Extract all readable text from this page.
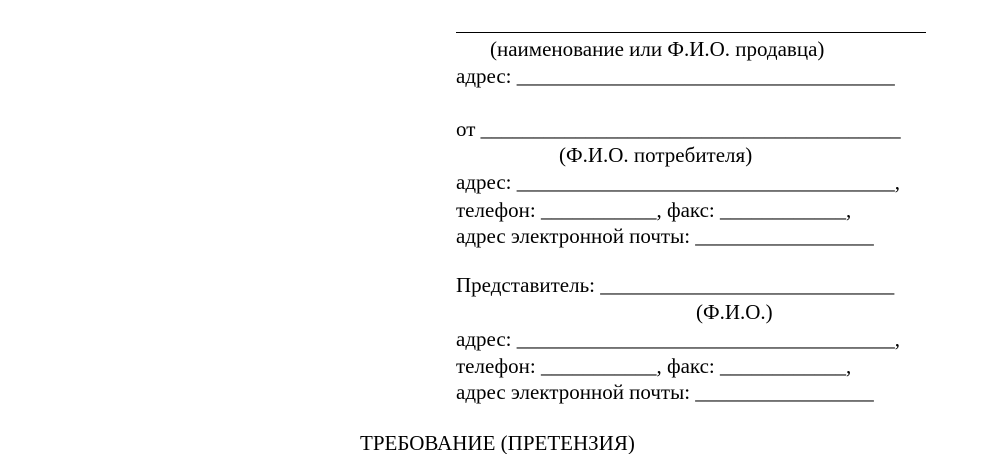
(наименование или Ф.И.О. продавца)
адрес: ____________________________________
от ________________________________________
(Ф.И.О. потребителя)
адрес: ____________________________________,
телефон: ___________, факс: ____________,
адрес электронной почты: _________________
Представитель: ____________________________
(Ф.И.О.)
адрес: ____________________________________,
телефон: ___________, факс: ____________,
адрес электронной почты: _________________
ТРЕБОВАНИЕ (ПРЕТЕНЗИЯ)
